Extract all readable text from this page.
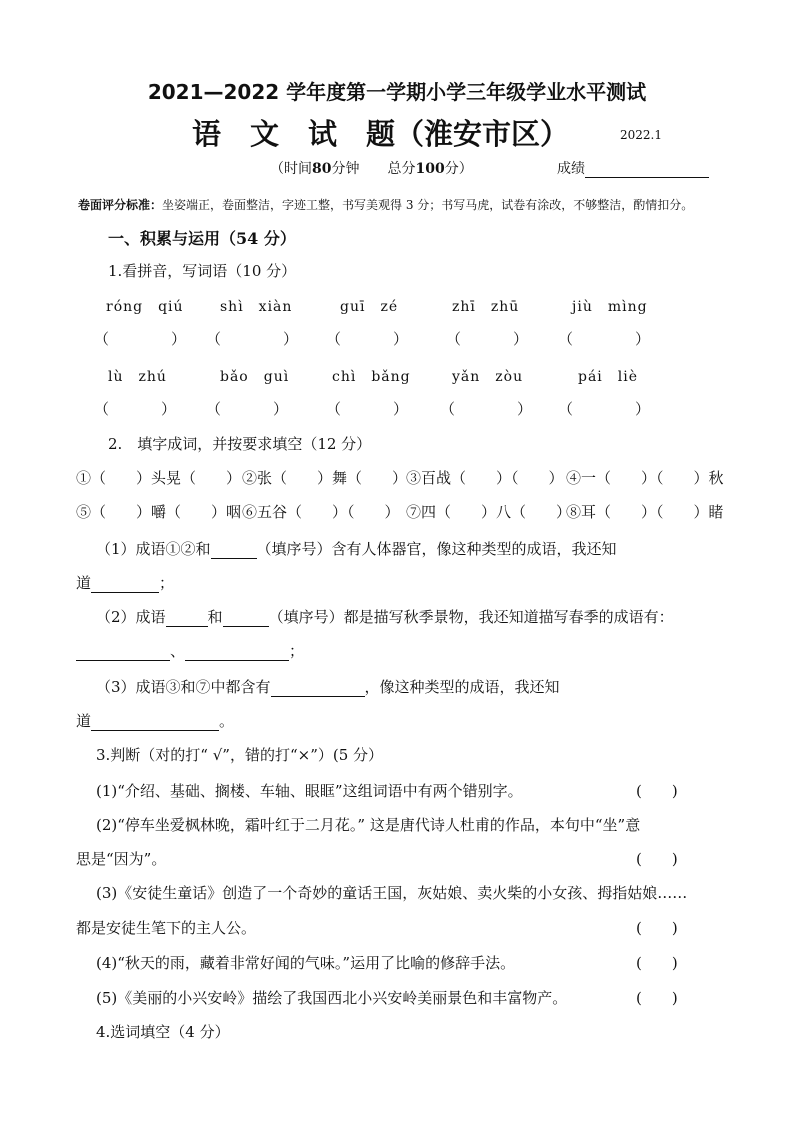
2021—2022 学年度第一学期小学三年级学业水平测试
语　文　试　题（淮安市区）	2022.1
（时间80分钟　　总分100分）	成绩
卷面评分标准：坐姿端正，卷面整洁，字迹工整，书写美观得 3 分；书写马虎，试卷有涂改，不够整洁，酌情扣分。
一、积累与运用（54 分）
1.看拼音，写词语（10 分）
róng　qiú	shì　xiàn	guī　zé	zhī　zhū	jiù　mìng
（	） （	） （	）	（	） （	）
lù　zhú	bǎo　guì	chì　bǎng	yǎn　zòu	pái　liè
（	） （	）	（	） （	） （	）
2.　填字成词，并按要求填空（12 分）
①（　　）头晃（　　） ②张（　　）舞（　　）
③百战（　　）（　　） ④一（　　）（　　）秋
⑤（　　）嚼（　　）咽 ⑥五谷（　　）（　　） ⑦四（　　）八（　　）
⑧耳（　　）（　　）睹
（1）成语①②和	（填序号）含有人体器官，像这种类型的成语，我还知
道	；
（2）成语	和	（填序号）都是描写秋季景物，我还知道描写春季的成语有：
、	；
（3）成语③和⑦中都含有	，像这种类型的成语，我还知
道	。
3.判断（对的打“ √”，错的打“×”）(5 分）
(1)“介绍、基础、搁楼、车轴、眼眶”这组词语中有两个错别字。	(　　)
(2)“停车坐爱枫林晚，霜叶红于二月花。” 这是唐代诗人杜甫的作品，本句中“坐”意
思是“因为”。	(　　)
(3)《安徒生童话》创造了一个奇妙的童话王国，灰姑娘、卖火柴的小女孩、拇指姑娘……
都是安徒生笔下的主人公。	(　　)
(4)“秋天的雨，藏着非常好闻的气味。”运用了比喻的修辞手法。	(　　)
(5)《美丽的小兴安岭》描绘了我国西北小兴安岭美丽景色和丰富物产。	(　　)
4.选词填空（4 分）
